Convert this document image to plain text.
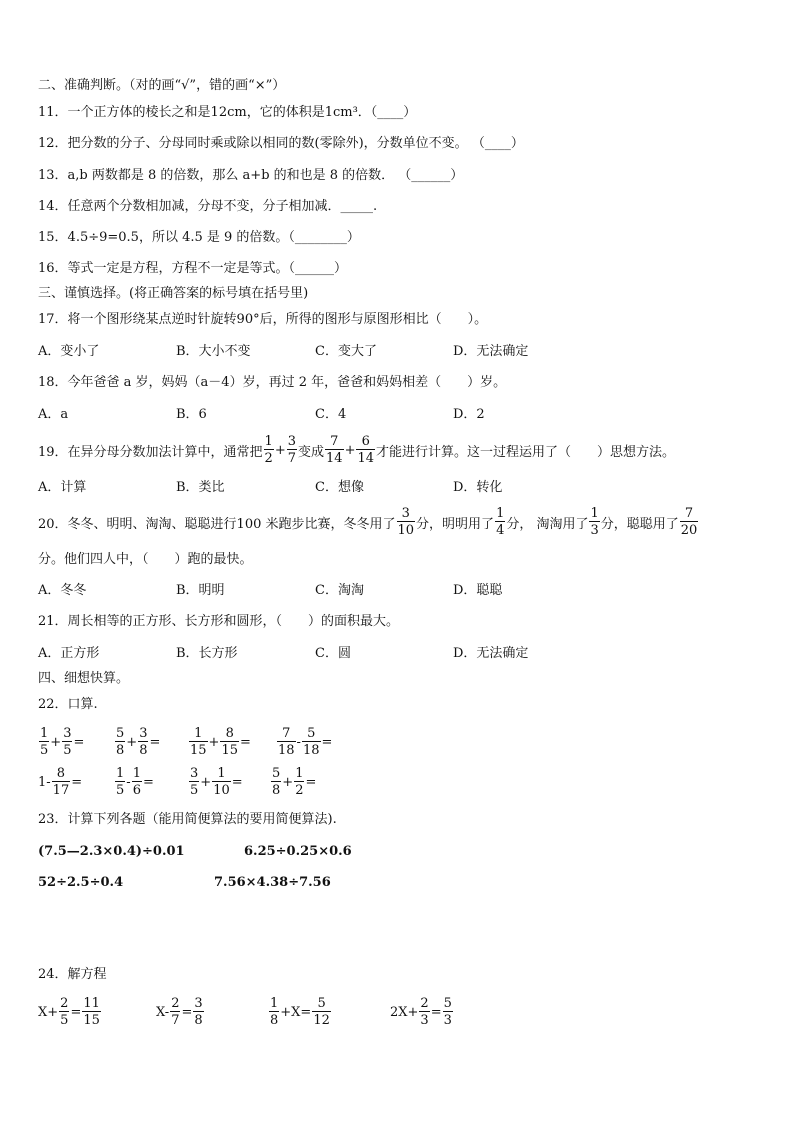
二、准确判断。（对的画“√”，错的画“×”）
11．一个正方体的棱长之和是12cm，它的体积是1cm³．（____）
12．把分数的分子、分母同时乘或除以相同的数(零除外)，分数单位不变。 （____）
13．a,b 两数都是 8 的倍数，那么 a+b 的和也是 8 的倍数． （______）
14．任意两个分数相加减，分母不变，分子相加减．_____.
15．4.5÷9=0.5，所以 4.5 是 9 的倍数。（________）
16．等式一定是方程，方程不一定是等式。（______）
三、谨慎选择。(将正确答案的标号填在括号里)
17．将一个图形绕某点逆时针旋转90°后，所得的图形与原图形相比（　　）。
A．变小了	B．大小不变	C．变大了	D．无法确定
18．今年爸爸 a 岁，妈妈（a－4）岁，再过 2 年，爸爸和妈妈相差（　　）岁。
A．a	B．6	C．4	D．2
19．在异分母分数加法计算中，通常把 $\frac{1}{2} + \frac{3}{7}$ 变成 $\frac{7}{14} + \frac{6}{14}$ 才能进行计算。这一过程运用了（　　）思想方法。
A．计算	B．类比	C．想像	D．转化
20．冬冬、明明、淘淘、聪聪进行100 米跑步比赛，冬冬用了 $\frac{3}{10}$ 分，明明用了 $\frac{1}{4}$ 分， 淘淘用了 $\frac{1}{3}$ 分，聪聪用了 $\frac{7}{20}$
分。他们四人中，（　　）跑的最快。
A．冬冬	B．明明	C．淘淘	D．聪聪
21．周长相等的正方形、长方形和圆形，（　　）的面积最大。
A．正方形	B．长方形	C．圆	D．无法确定
四、细想快算。
22．口算.
$\frac{1}{5} + \frac{3}{5} = \frac{5}{8} + \frac{3}{8} = \frac{1}{15} + \frac{8}{15} = \frac{7}{18} - \frac{5}{18}$ =
$1- \frac{8}{17}$ =	$\frac{1}{5} - \frac{1}{6}$ =	$\frac{3}{5} + \frac{1}{10} = \frac{5}{8} + \frac{1}{2}$ =
23．计算下列各题（能用简便算法的要用简便算法).
(7.5—2.3×0.4)÷0.01	6.25÷0.25×0.6
52÷2.5÷0.4	7.56×4.38÷7.56
24．解方程
$X+ \frac{2}{5} = \frac{11}{15}$	$X- \frac{2}{7} = \frac{3}{8}$	$\frac{1}{8} +X= \frac{5}{12}$	$2X+ \frac{2}{3} = \frac{5}{3}$
